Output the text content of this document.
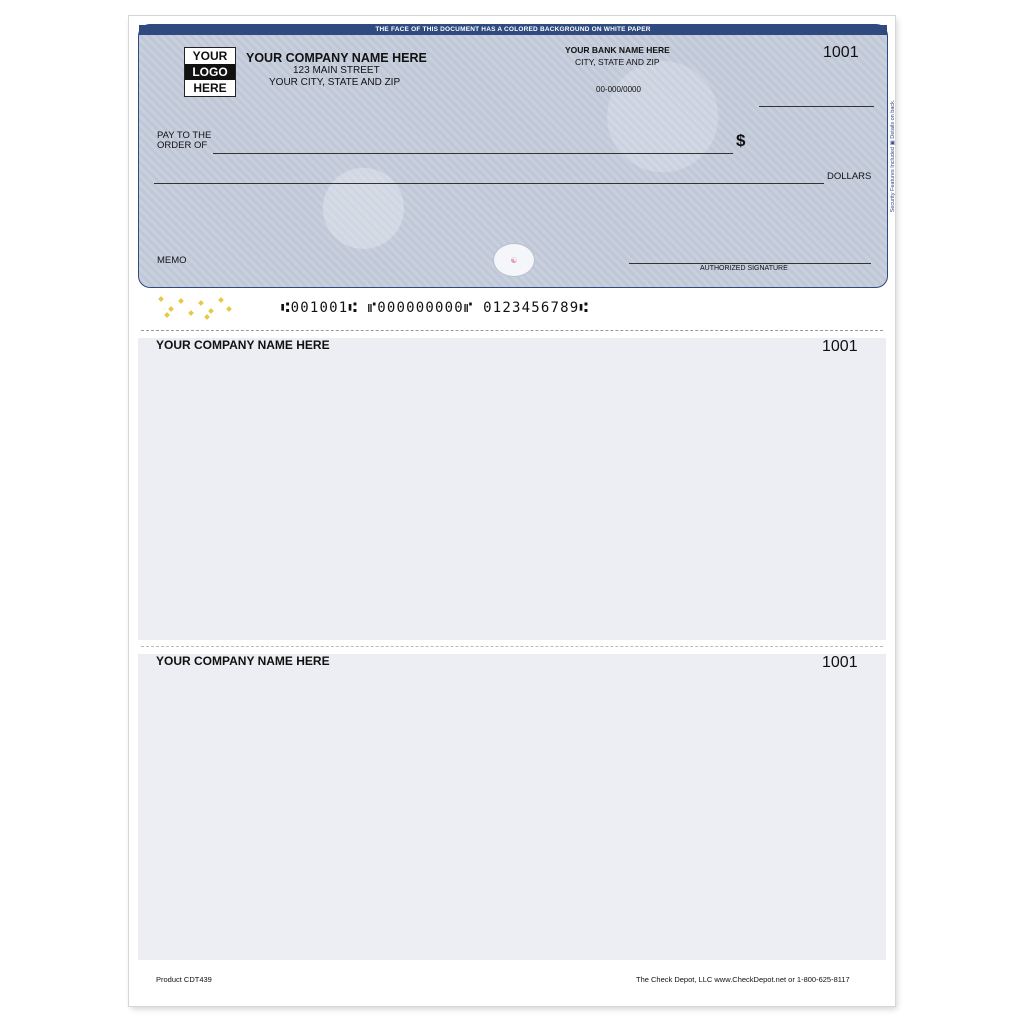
THE FACE OF THIS DOCUMENT HAS A COLORED BACKGROUND ON WHITE PAPER
YOUR
LOGO
HERE
YOUR COMPANY NAME HERE
123 MAIN STREET
YOUR CITY, STATE AND ZIP
YOUR BANK NAME HERE
CITY, STATE AND ZIP
00-000/0000
1001
PAY TO THE
ORDER OF	$
DOLLARS
MEMO	☯
AUTHORIZED SIGNATURE
Security Features Included ▣ Details on back.
⑆001001⑆ ⑈000000000⑈ 0123456789⑆
YOUR COMPANY NAME HERE	1001
YOUR COMPANY NAME HERE	1001
Product CDT439	The Check Depot, LLC www.CheckDepot.net or 1-800-625-8117
